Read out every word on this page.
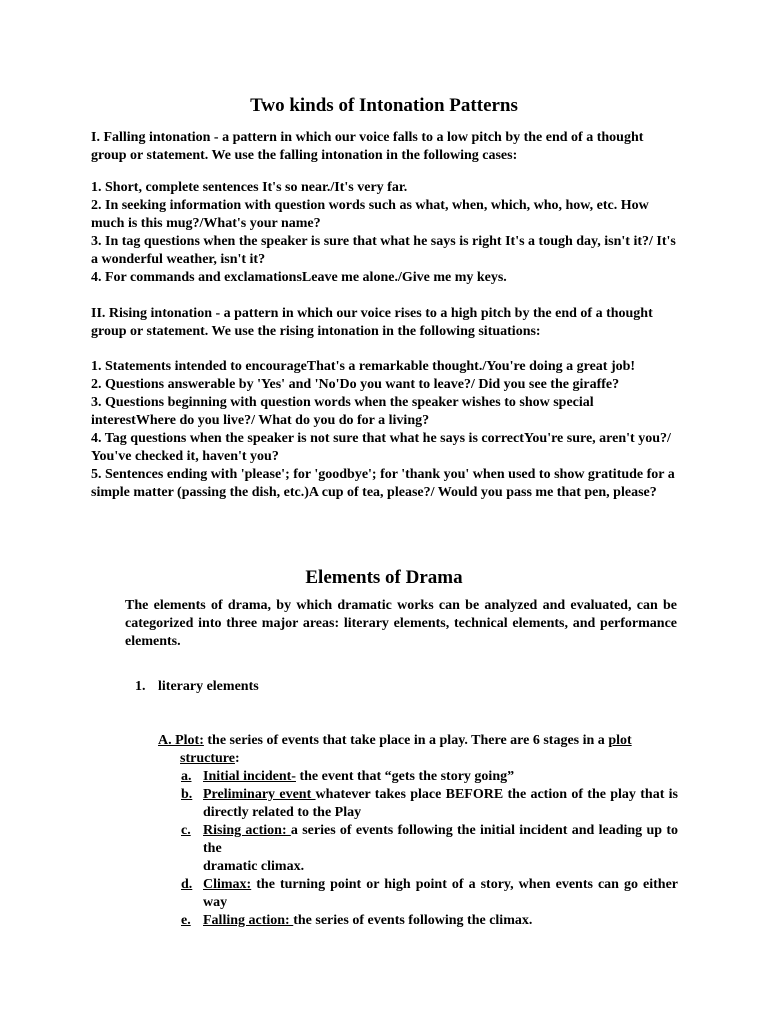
Two kinds of Intonation Patterns

I. Falling intonation - a pattern in which our voice falls to a low pitch by the end of a thought group or statement. We use the falling intonation in the following cases:

1. Short, complete sentences It's so near./It's very far.

2. In seeking information with question words such as what, when, which, who, how, etc. How much is this mug?/What's your name?

3. In tag questions when the speaker is sure that what he says is right It's a tough day, isn't it?/ It's a wonderful weather, isn't it?

4. For commands and exclamationsLeave me alone./Give me my keys.

II. Rising intonation - a pattern in which our voice rises to a high pitch by the end of a thought group or statement. We use the rising intonation in the following situations:

1. Statements intended to encourageThat's a remarkable thought./You're doing a great job!

2. Questions answerable by 'Yes' and 'No'Do you want to leave?/ Did you see the giraffe?

3. Questions beginning with question words when the speaker wishes to show special interestWhere do you live?/ What do you do for a living?

4. Tag questions when the speaker is not sure that what he says is correctYou're sure, aren't you?/ You've checked it, haven't you?

5. Sentences ending with 'please'; for 'goodbye'; for 'thank you' when used to show gratitude for a simple matter (passing the dish, etc.)A cup of tea, please?/ Would you pass me that pen, please?

Elements of Drama

The elements of drama, by which dramatic works can be analyzed and evaluated, can be categorized into three major areas: literary elements, technical elements, and performance elements.

1. literary elements
A. Plot: the series of events that take place in a play. There are 6 stages in a plot
structure:
a. Initial incident- the event that “gets the story going”
b. Preliminary event whatever takes place BEFORE the action of the play that is directly related to the Play
c. Rising action: a series of events following the initial incident and leading up to the
dramatic climax.
d. Climax: the turning point or high point of a story, when events can go either way
e. Falling action: the series of events following the climax.
